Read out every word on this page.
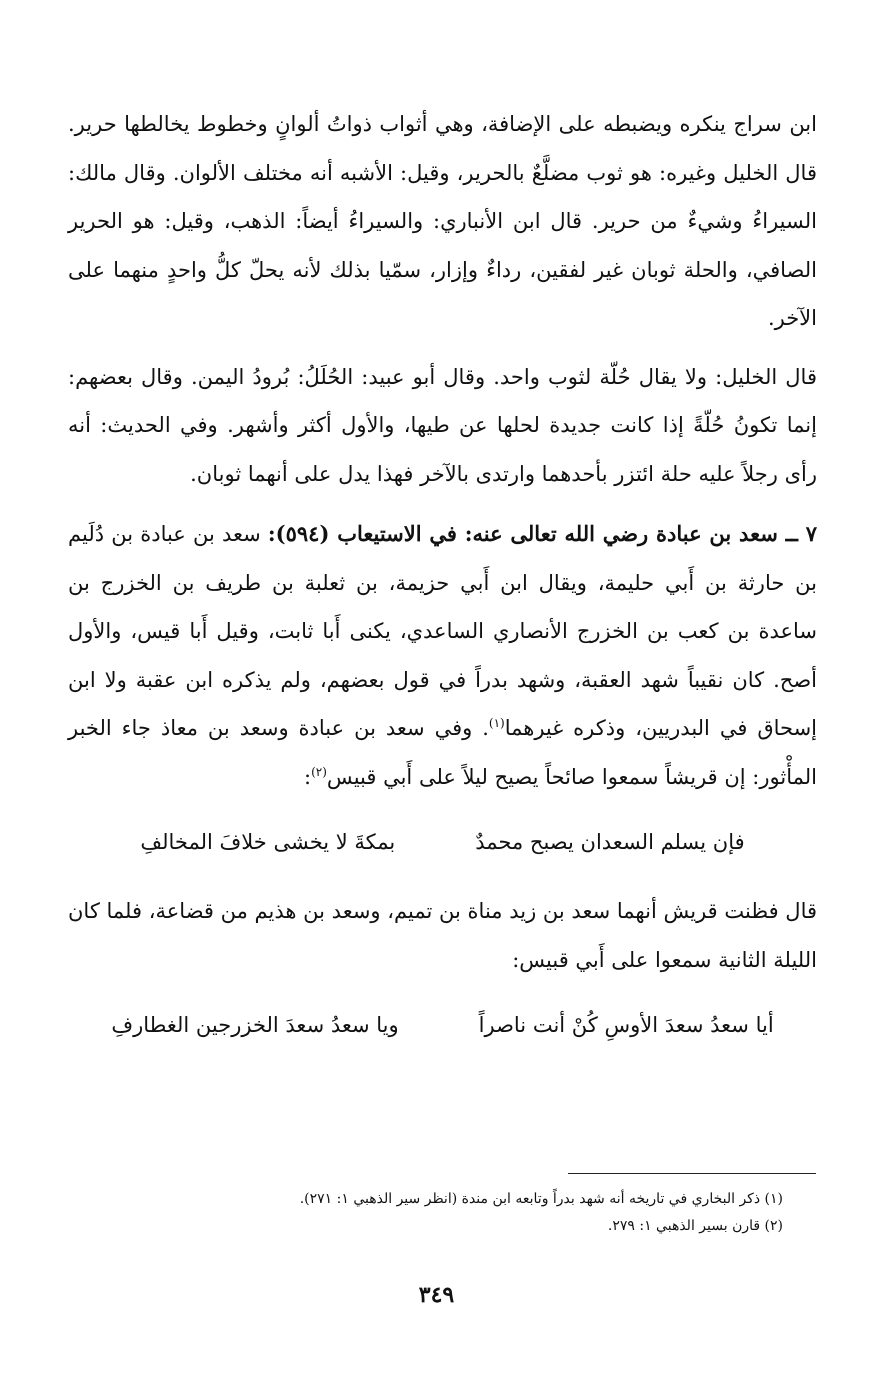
ابن سراج ينكره ويضبطه على الإضافة، وهي أثواب ذواتُ ألوانٍ وخطوط يخالطها حرير. قال الخليل وغيره: هو ثوب مضلَّعٌ بالحرير، وقيل: الأشبه أنه مختلف الألوان. وقال مالك: السيراءُ وشيءٌ من حرير. قال ابن الأنباري: والسيراءُ أيضاً: الذهب، وقيل: هو الحرير الصافي، والحلة ثوبان غير لفقين، رداءٌ وإزار، سمّيا بذلك لأنه يحلّ كلُّ واحدٍ منهما على الآخر.

قال الخليل: ولا يقال حُلّة لثوب واحد. وقال أبو عبيد: الحُلَلُ: بُرودُ اليمن. وقال بعضهم: إنما تكونُ حُلّةً إذا كانت جديدة لحلها عن طيها، والأول أكثر وأشهر. وفي الحديث: أنه رأى رجلاً عليه حلة ائتزر بأحدهما وارتدى بالآخر فهذا يدل على أنهما ثوبان.

٧ ــ سعد بن عبادة رضي الله تعالى عنه: في الاستيعاب (٥٩٤): سعد بن عبادة بن دُلَيم بن حارثة بن أَبي حليمة، ويقال ابن أَبي حزيمة، بن ثعلبة بن طريف بن الخزرج بن ساعدة بن كعب بن الخزرج الأنصاري الساعدي، يكنى أَبا ثابت، وقيل أَبا قيس، والأول أصح. كان نقيباً شهد العقبة، وشهد بدراً في قول بعضهم، ولم يذكره ابن عقبة ولا ابن إسحاق في البدريين، وذكره غيرهما$^{(١)}$. وفي سعد بن عبادة وسعد بن معاذ جاء الخبر المأْثور: إن قريشاً سمعوا صائحاً يصيح ليلاً على أَبي قبيس$^{(٢)}$:

فإن يسلم السعدان يصبح محمدٌ
بمكةَ لا يخشى خلافَ المخالفِ

قال فظنت قريش أنهما سعد بن زيد مناة بن تميم، وسعد بن هذيم من قضاعة، فلما كان الليلة الثانية سمعوا على أَبي قبيس:

أيا سعدُ سعدَ الأوسِ كُنْ أنت ناصراً
ويا سعدُ سعدَ الخزرجين الغطارفِ
(١) ذكر البخاري في تاريخه أنه شهد بدراً وتابعه ابن مندة (انظر سير الذهبي ١: ٢٧١).
(٢) قارن بسير الذهبي ١: ٢٧٩.
٣٤٩
